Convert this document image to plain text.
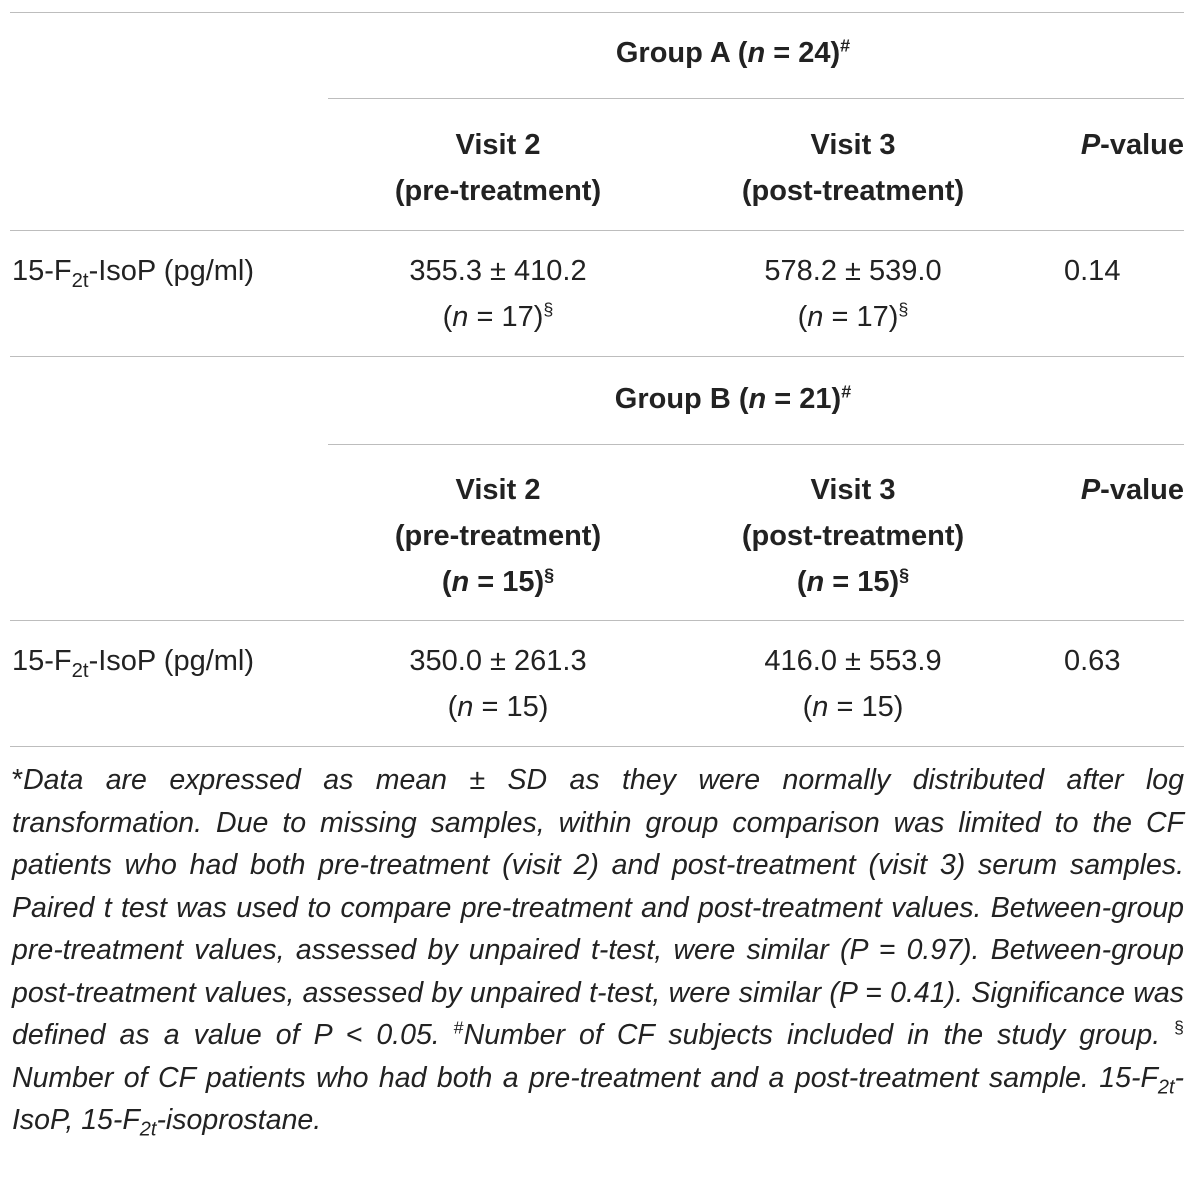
Group A (n = 24)#
Visit 2
(pre-treatment)
Visit 3
(post-treatment)
P-value
$15-F_{2t}$-IsoP (pg/ml)	355.3 ± 410.2
(n = 17)§
578.2 ± 539.0
(n = 17)§
0.14
Group B (n = 21)#
Visit 2
(pre-treatment)
(n = 15)§
Visit 3
(post-treatment)
(n = 15)§
P-value
$15-F_{2t}$-IsoP (pg/ml)	350.0 ± 261.3
(n = 15)
416.0 ± 553.9
(n = 15)
0.63
*Data are expressed as mean ± SD as they were normally distributed after log transformation. Due to missing samples, within group comparison was limited to the CF patients who had both pre-treatment (visit 2) and post-treatment (visit 3) serum samples. Paired t test was used to compare pre-treatment and post-treatment values. Between-group pre-treatment values, assessed by unpaired t-test, were similar (P = 0.97). Between-group post-treatment values, assessed by unpaired t-test, were similar (P = 0.41). Significance was defined as a value of P < 0.05. #Number of CF subjects included in the study group. § Number of CF patients who had both a pre-treatment and a post-treatment sample. $15-F_{2t}$-IsoP, $15-F_{2t}$-isoprostane.
